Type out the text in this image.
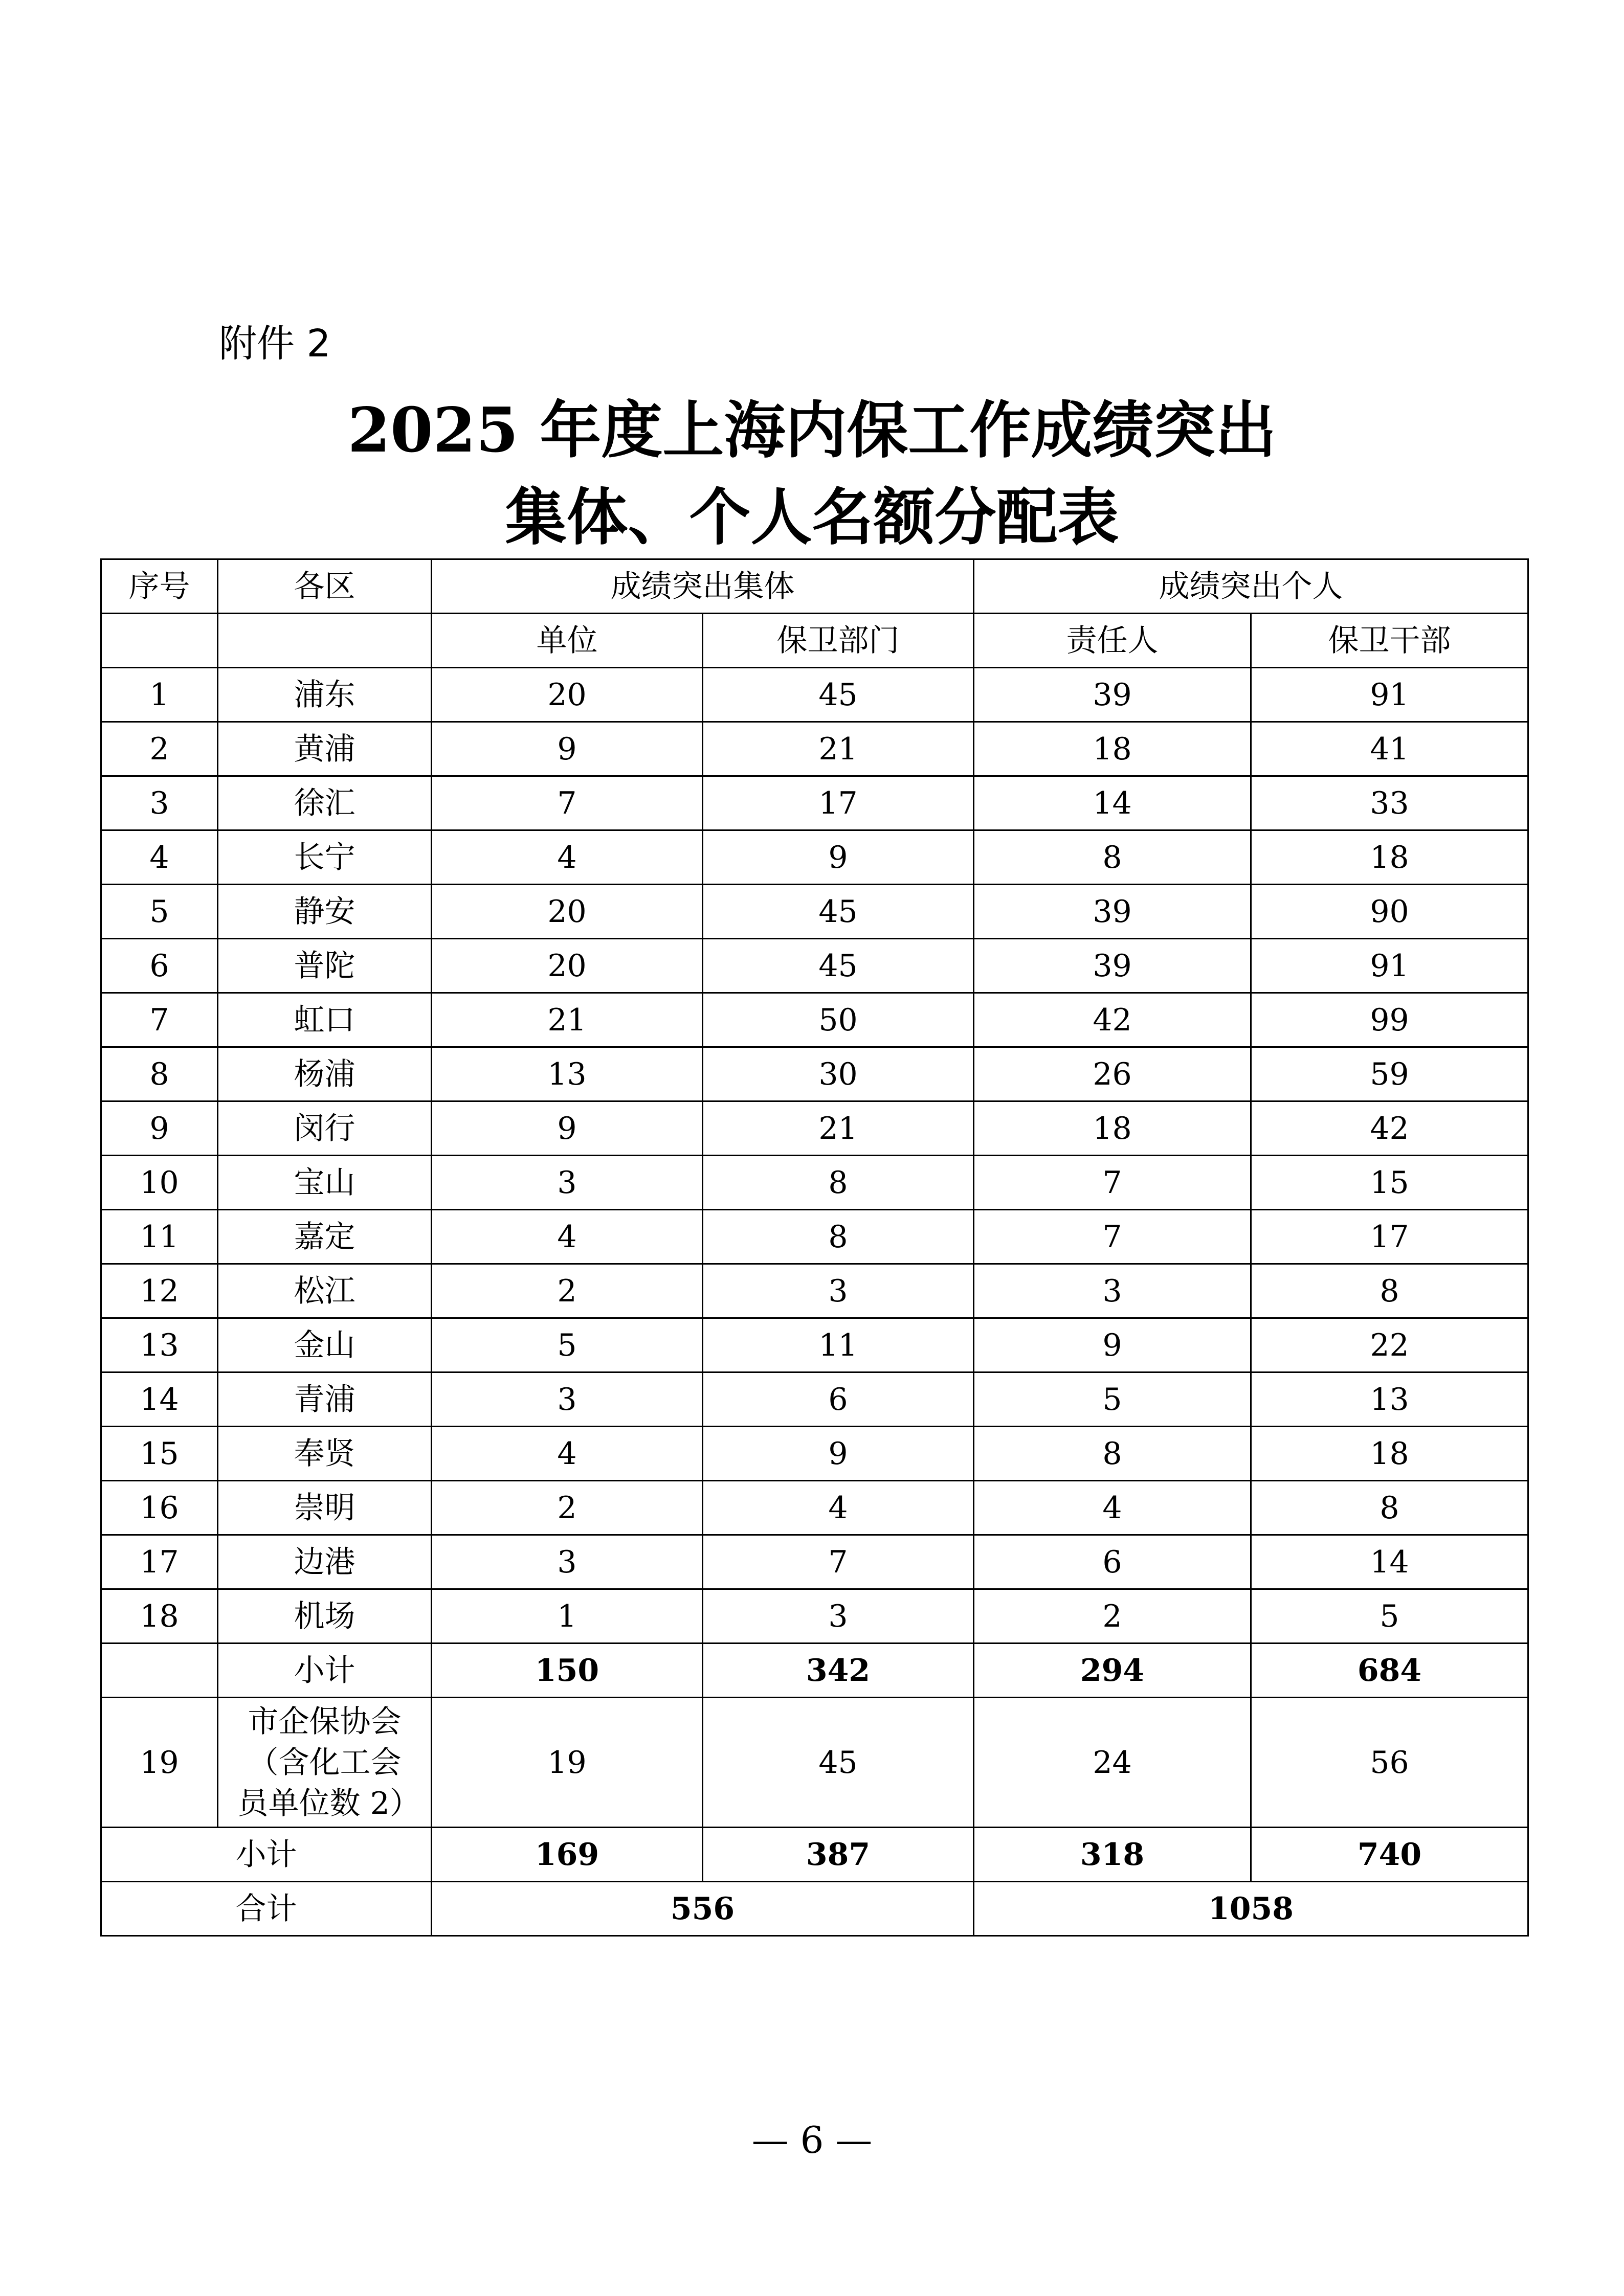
附件 2
2025 年度上海内保工作成绩突出
集体、个人名额分配表
序号	各区	成绩突出集体		成绩突出个人	
		单位	保卫部门	责任人	保卫干部
1	浦东	20	45	39	91
2	黄浦	9	21	18	41
3	徐汇	7	17	14	33
4	长宁	4	9	8	18
5	静安	20	45	39	90
6	普陀	20	45	39	91
7	虹口	21	50	42	99
8	杨浦	13	30	26	59
9	闵行	9	21	18	42
10	宝山	3	8	7	15
11	嘉定	4	8	7	17
12	松江	2	3	3	8
13	金山	5	11	9	22
14	青浦	3	6	5	13
15	奉贤	4	9	8	18
16	崇明	2	4	4	8
17	边港	3	7	6	14
18	机场	1	3	2	5
	小计	150	342	294	684
19	市企保协会（含化工会员单位数 2）	19	45	24	56
小计		169	387	318	740
合计		556		1058	
— 6 —
